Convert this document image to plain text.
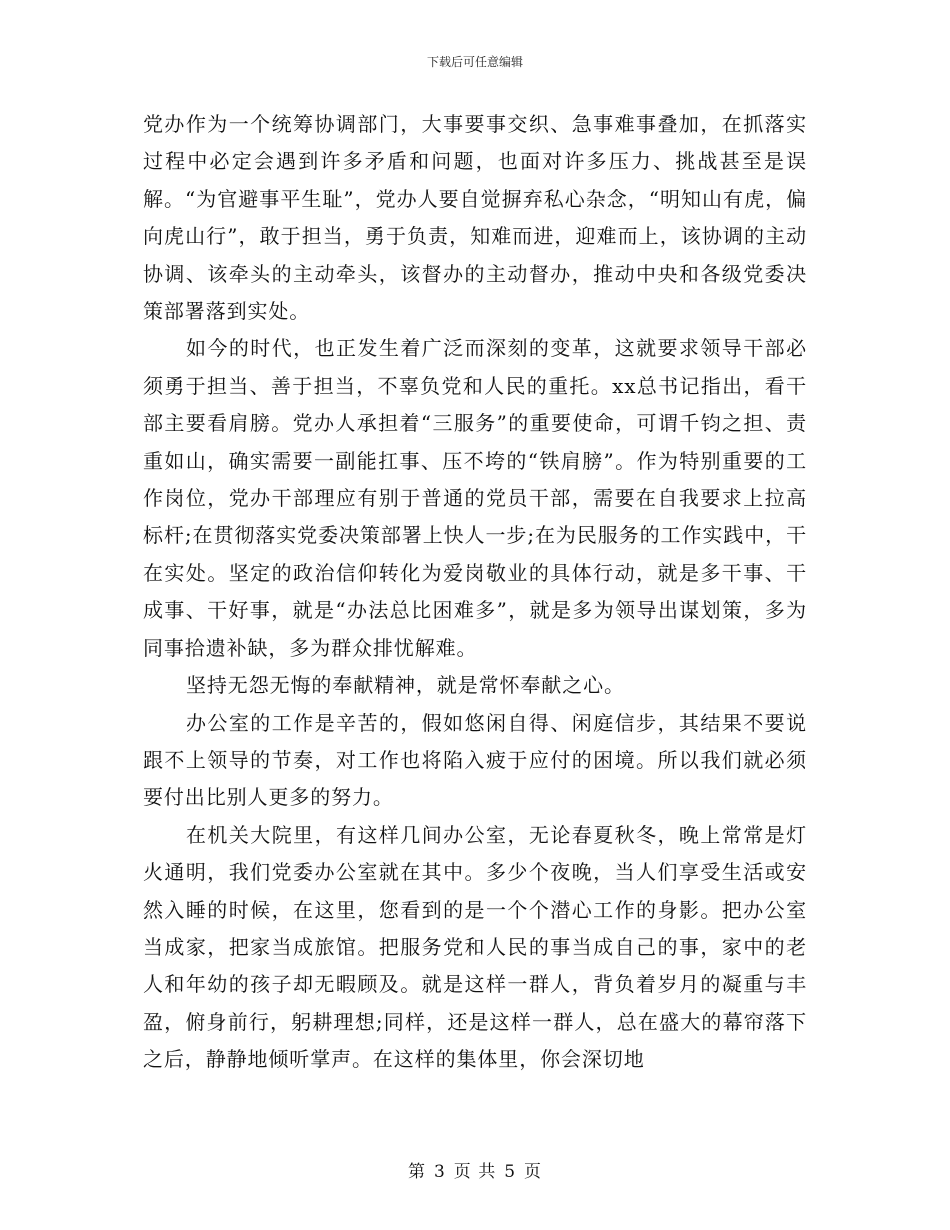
下载后可任意编辑

党办作为一个统筹协调部门，大事要事交织、急事难事叠加，在抓落实过程中必定会遇到许多矛盾和问题，也面对许多压力、挑战甚至是误解。“为官避事平生耻”，党办人要自觉摒弃私心杂念，“明知山有虎，偏向虎山行”，敢于担当，勇于负责，知难而进，迎难而上，该协调的主动协调、该牵头的主动牵头，该督办的主动督办，推动中央和各级党委决策部署落到实处。

如今的时代，也正发生着广泛而深刻的变革，这就要求领导干部必须勇于担当、善于担当，不辜负党和人民的重托。xx总书记指出，看干部主要看肩膀。党办人承担着“三服务”的重要使命，可谓千钧之担、责重如山，确实需要一副能扛事、压不垮的“铁肩膀”。作为特别重要的工作岗位，党办干部理应有别于普通的党员干部，需要在自我要求上拉高标杆;在贯彻落实党委决策部署上快人一步;在为民服务的工作实践中，干在实处。坚定的政治信仰转化为爱岗敬业的具体行动，就是多干事、干成事、干好事，就是“办法总比困难多”，就是多为领导出谋划策，多为同事拾遗补缺，多为群众排忧解难。

坚持无怨无悔的奉献精神，就是常怀奉献之心。

办公室的工作是辛苦的，假如悠闲自得、闲庭信步，其结果不要说跟不上领导的节奏，对工作也将陷入疲于应付的困境。所以我们就必须要付出比别人更多的努力。

在机关大院里，有这样几间办公室，无论春夏秋冬，晚上常常是灯火通明，我们党委办公室就在其中。多少个夜晚，当人们享受生活或安然入睡的时候，在这里，您看到的是一个个潜心工作的身影。把办公室当成家，把家当成旅馆。把服务党和人民的事当成自己的事，家中的老人和年幼的孩子却无暇顾及。就是这样一群人，背负着岁月的凝重与丰盈，俯身前行，躬耕理想;同样，还是这样一群人，总在盛大的幕帘落下之后，静静地倾听掌声。在这样的集体里，你会深切地

第 3 页 共 5 页
